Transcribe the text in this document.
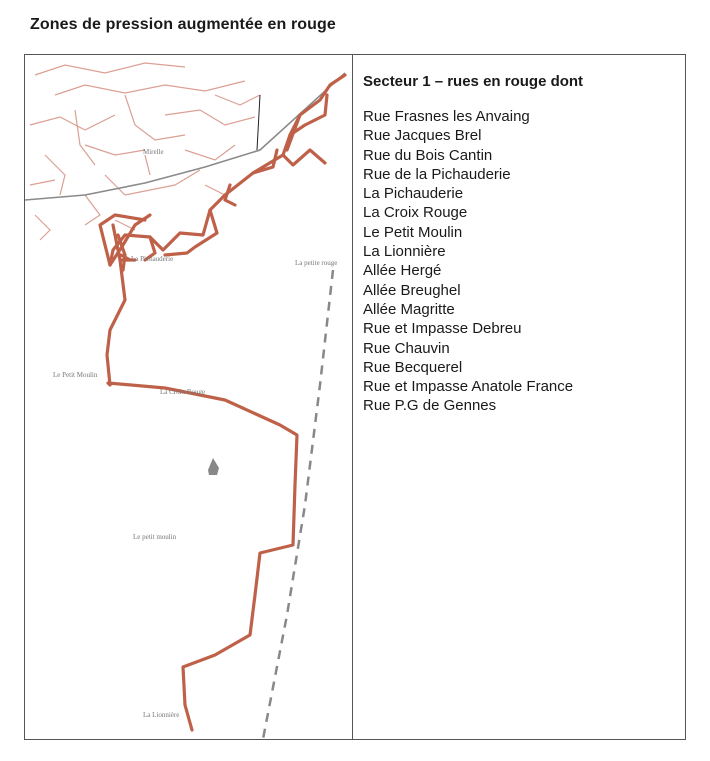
Zones de pression augmentée en rouge
Mirelle
La Pichauderie	La petite rouge
Le Petit Moulin
La Croix Rouge
Le petit moulin
La Lionnière
Secteur 1 – rues en rouge dont
Rue Frasnes les Anvaing
Rue Jacques Brel
Rue du Bois Cantin
Rue de la Pichauderie
La Pichauderie
La Croix Rouge
Le Petit Moulin
La Lionnière
Allée Hergé
Allée Breughel
Allée Magritte
Rue et Impasse Debreu
Rue Chauvin
Rue Becquerel
Rue et Impasse Anatole France
Rue P.G de Gennes
